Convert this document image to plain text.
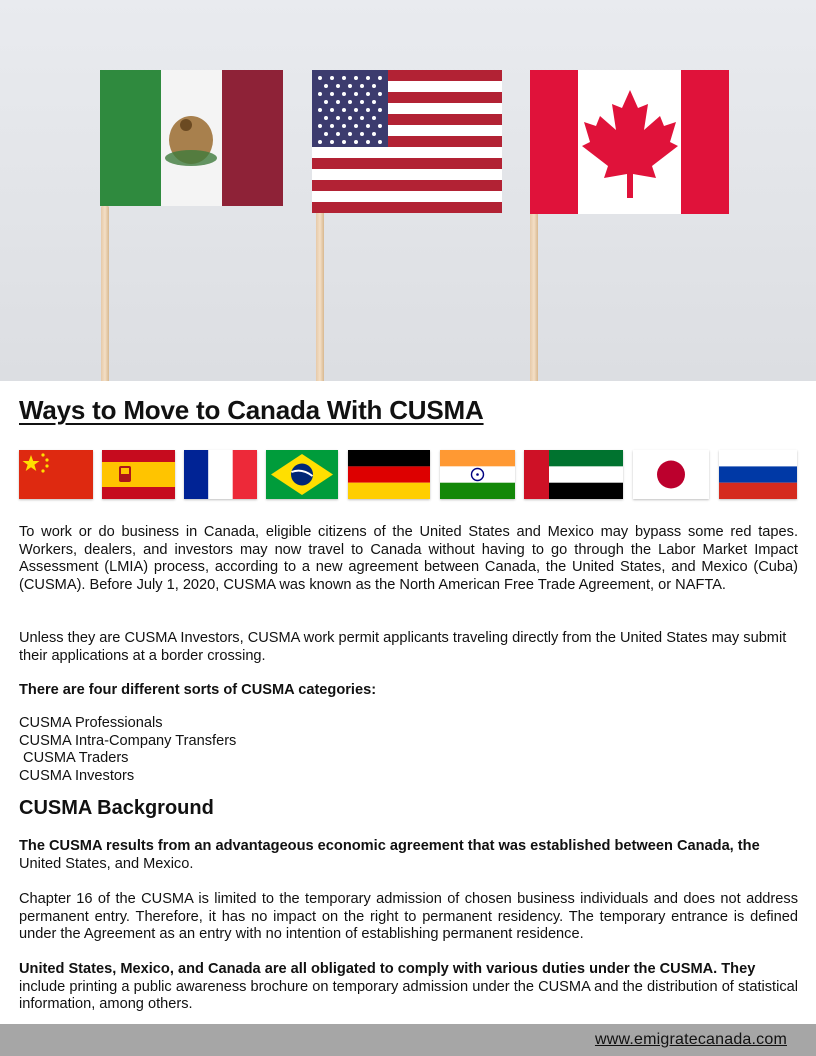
Ways to Move to Canada With CUSMA

To work or do business in Canada, eligible citizens of the United States and Mexico may bypass some red tapes. Workers, dealers, and investors may now travel to Canada without having to go through the Labor Market Impact Assessment (LMIA) process, according to a new agreement between Canada, the United States, and Mexico (Cuba) (CUSMA). Before July 1, 2020, CUSMA was known as the North American Free Trade Agreement, or NAFTA.

Unless they are CUSMA Investors, CUSMA work permit applicants traveling directly from the United States may submit their applications at a border crossing.

There are four different sorts of CUSMA categories:

CUSMA Professionals
CUSMA Intra-Company Transfers
CUSMA Traders
CUSMA Investors
CUSMA Background
The CUSMA results from an advantageous economic agreement that was established between Canada, the
United States, and Mexico.

Chapter 16 of the CUSMA is limited to the temporary admission of chosen business individuals and does not address permanent entry. Therefore, it has no impact on the right to permanent residency. The temporary entrance is defined under the Agreement as an entry with no intention of establishing permanent residence.

United States, Mexico, and Canada are all obligated to comply with various duties under the CUSMA. They
include printing a public awareness brochure on temporary admission under the CUSMA and the distribution of statistical information, among others.
www.emigratecanada.com
